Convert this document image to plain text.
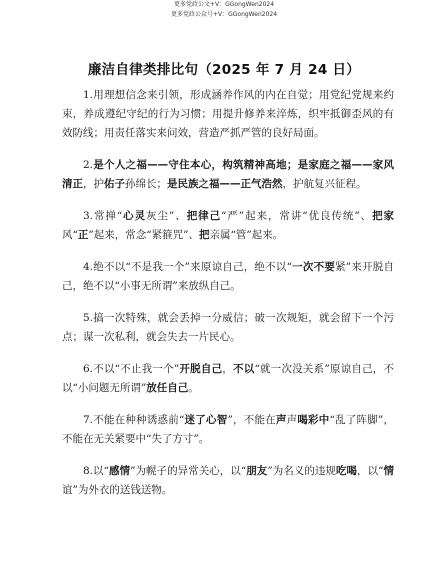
更多党政公文+V：GGongWen2024
更多党政公众号+V：GGongWen2024
廉洁自律类排比句（2025 年 7 月 24 日）

1.用理想信念来引领，形成涵养作风的内在自觉；用党纪党规来约束，养成遵纪守纪的行为习惯；用提升修养来淬炼，织牢抵御歪风的有效防线；用责任落实来问效，营造严抓严管的良好局面。

2.是个人之福——守住本心，构筑精神高地；是家庭之福——家风清正，护佑子孙绵长；是民族之福——正气浩然，护航复兴征程。

3.常掸“心灵灰尘”、把律己“严”起来，常讲“优良传统”、把家风“正”起来，常念“紧箍咒”、把亲属“管”起来。

4.绝不以“不是我一个”来原谅自己，绝不以“一次不要紧”来开脱自己，绝不以“小事无所谓”来放纵自己。

5.搞一次特殊，就会丢掉一分威信；破一次规矩，就会留下一个污点；谋一次私利，就会失去一片民心。

6.不以“不止我一个”开脱自己，不以“就一次没关系”原谅自己，不以“小问题无所谓”放任自己。

7.不能在种种诱惑前“迷了心智”，不能在声声喝彩中“乱了阵脚”，不能在无关紧要中“失了方寸”。

8.以“感情”为幌子的异常关心，以“朋友”为名义的违规吃喝，以“情谊”为外衣的送钱送物。
